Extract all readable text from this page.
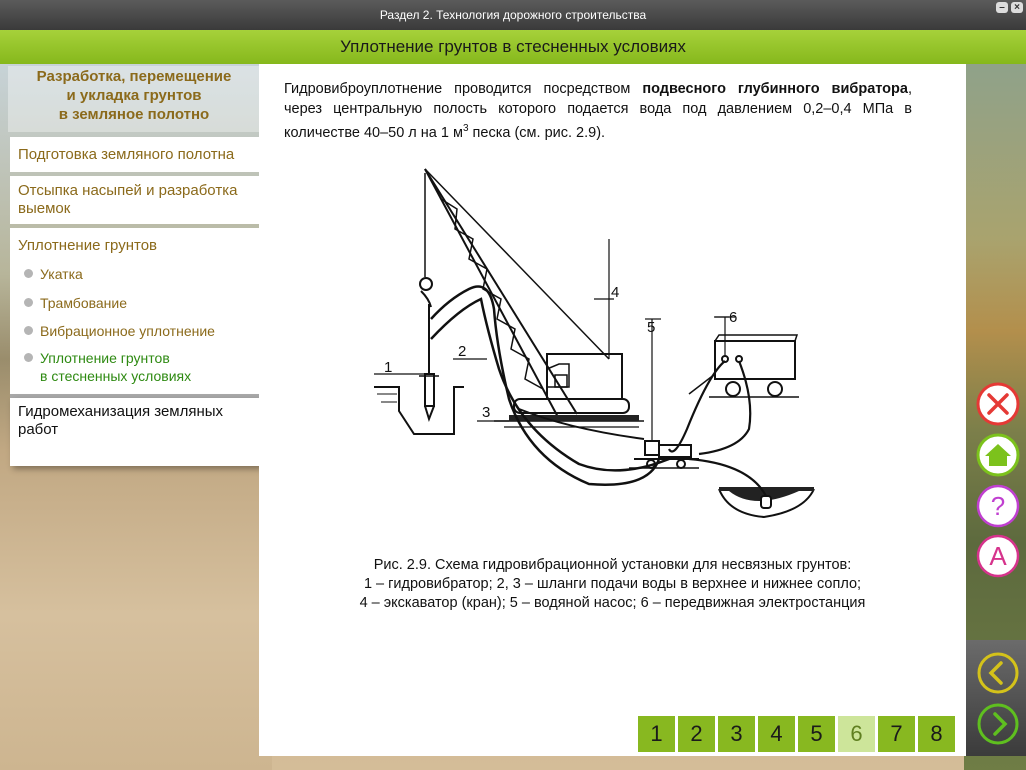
Раздел 2. Технология дорожного строительства
– ×
Уплотнение грунтов в стесненных условиях
Разработка, перемещение
и укладка грунтов
в земляное полотно
Подготовка земляного полотна
Отсыпка насыпей и разработка
выемок
Уплотнение грунтов
Укатка
Трамбование
Вибрационное уплотнение
Уплотнение грунтов
в стесненных условиях
Гидромеханизация земляных
работ
Гидровиброуплотнение проводится посредством подвесного глубинного вибратора, через центральную полость которого подается вода под давлением 0,2–0,4 МПа в количестве 40–50 л на 1 $м^3$ песка (см. рис. 2.9).
1
2
3
4
5
6
Рис. 2.9. Схема гидровибрационной установки для несвязных грунтов:
1 – гидровибратор; 2, 3 – шланги подачи воды в верхнее и нижнее сопло;
4 – экскаватор (кран); 5 – водяной насос; 6 – передвижная электростанция
1	2	3	4	5	6	7	8
?
A
